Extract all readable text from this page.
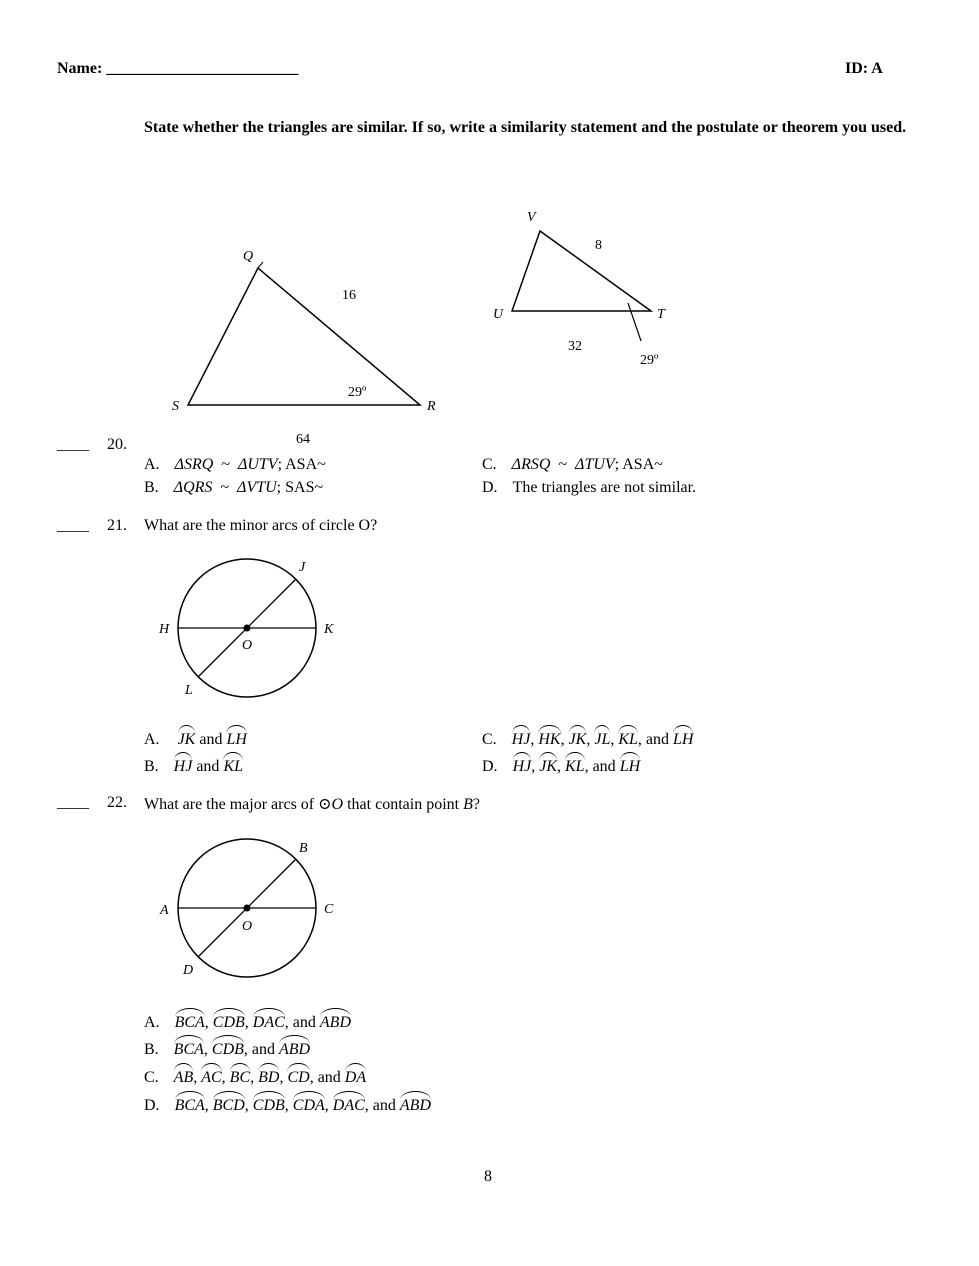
Name: ________________________	ID: A
State whether the triangles are similar. If so, write a similarity statement and the postulate or theorem you used.
Q
S	R
16
64
29º
V
U	T
8
32
29º
____ 20.
A. ΔSRQ ~ ΔUTV; ASA~
B. ΔQRS ~ ΔVTU; SAS~
C. ΔRSQ ~ ΔTUV; ASA~
D. The triangles are not similar.
____ 21. What are the minor arcs of circle O?
H	K
J
L
O
A. JK and LH
B. HJ and KL
C. HJ, HK, JK, JL, KL, and LH
D. HJ, JK, KL, and LH
____ 22. What are the major arcs of ⊙O that contain point B?
A	C
B
D
O
A. BCA, CDB, DAC, and ABD
B. BCA, CDB, and ABD
C. AB, AC, BC, BD, CD, and DA
D. BCA, BCD, CDB, CDA, DAC, and ABD
8
